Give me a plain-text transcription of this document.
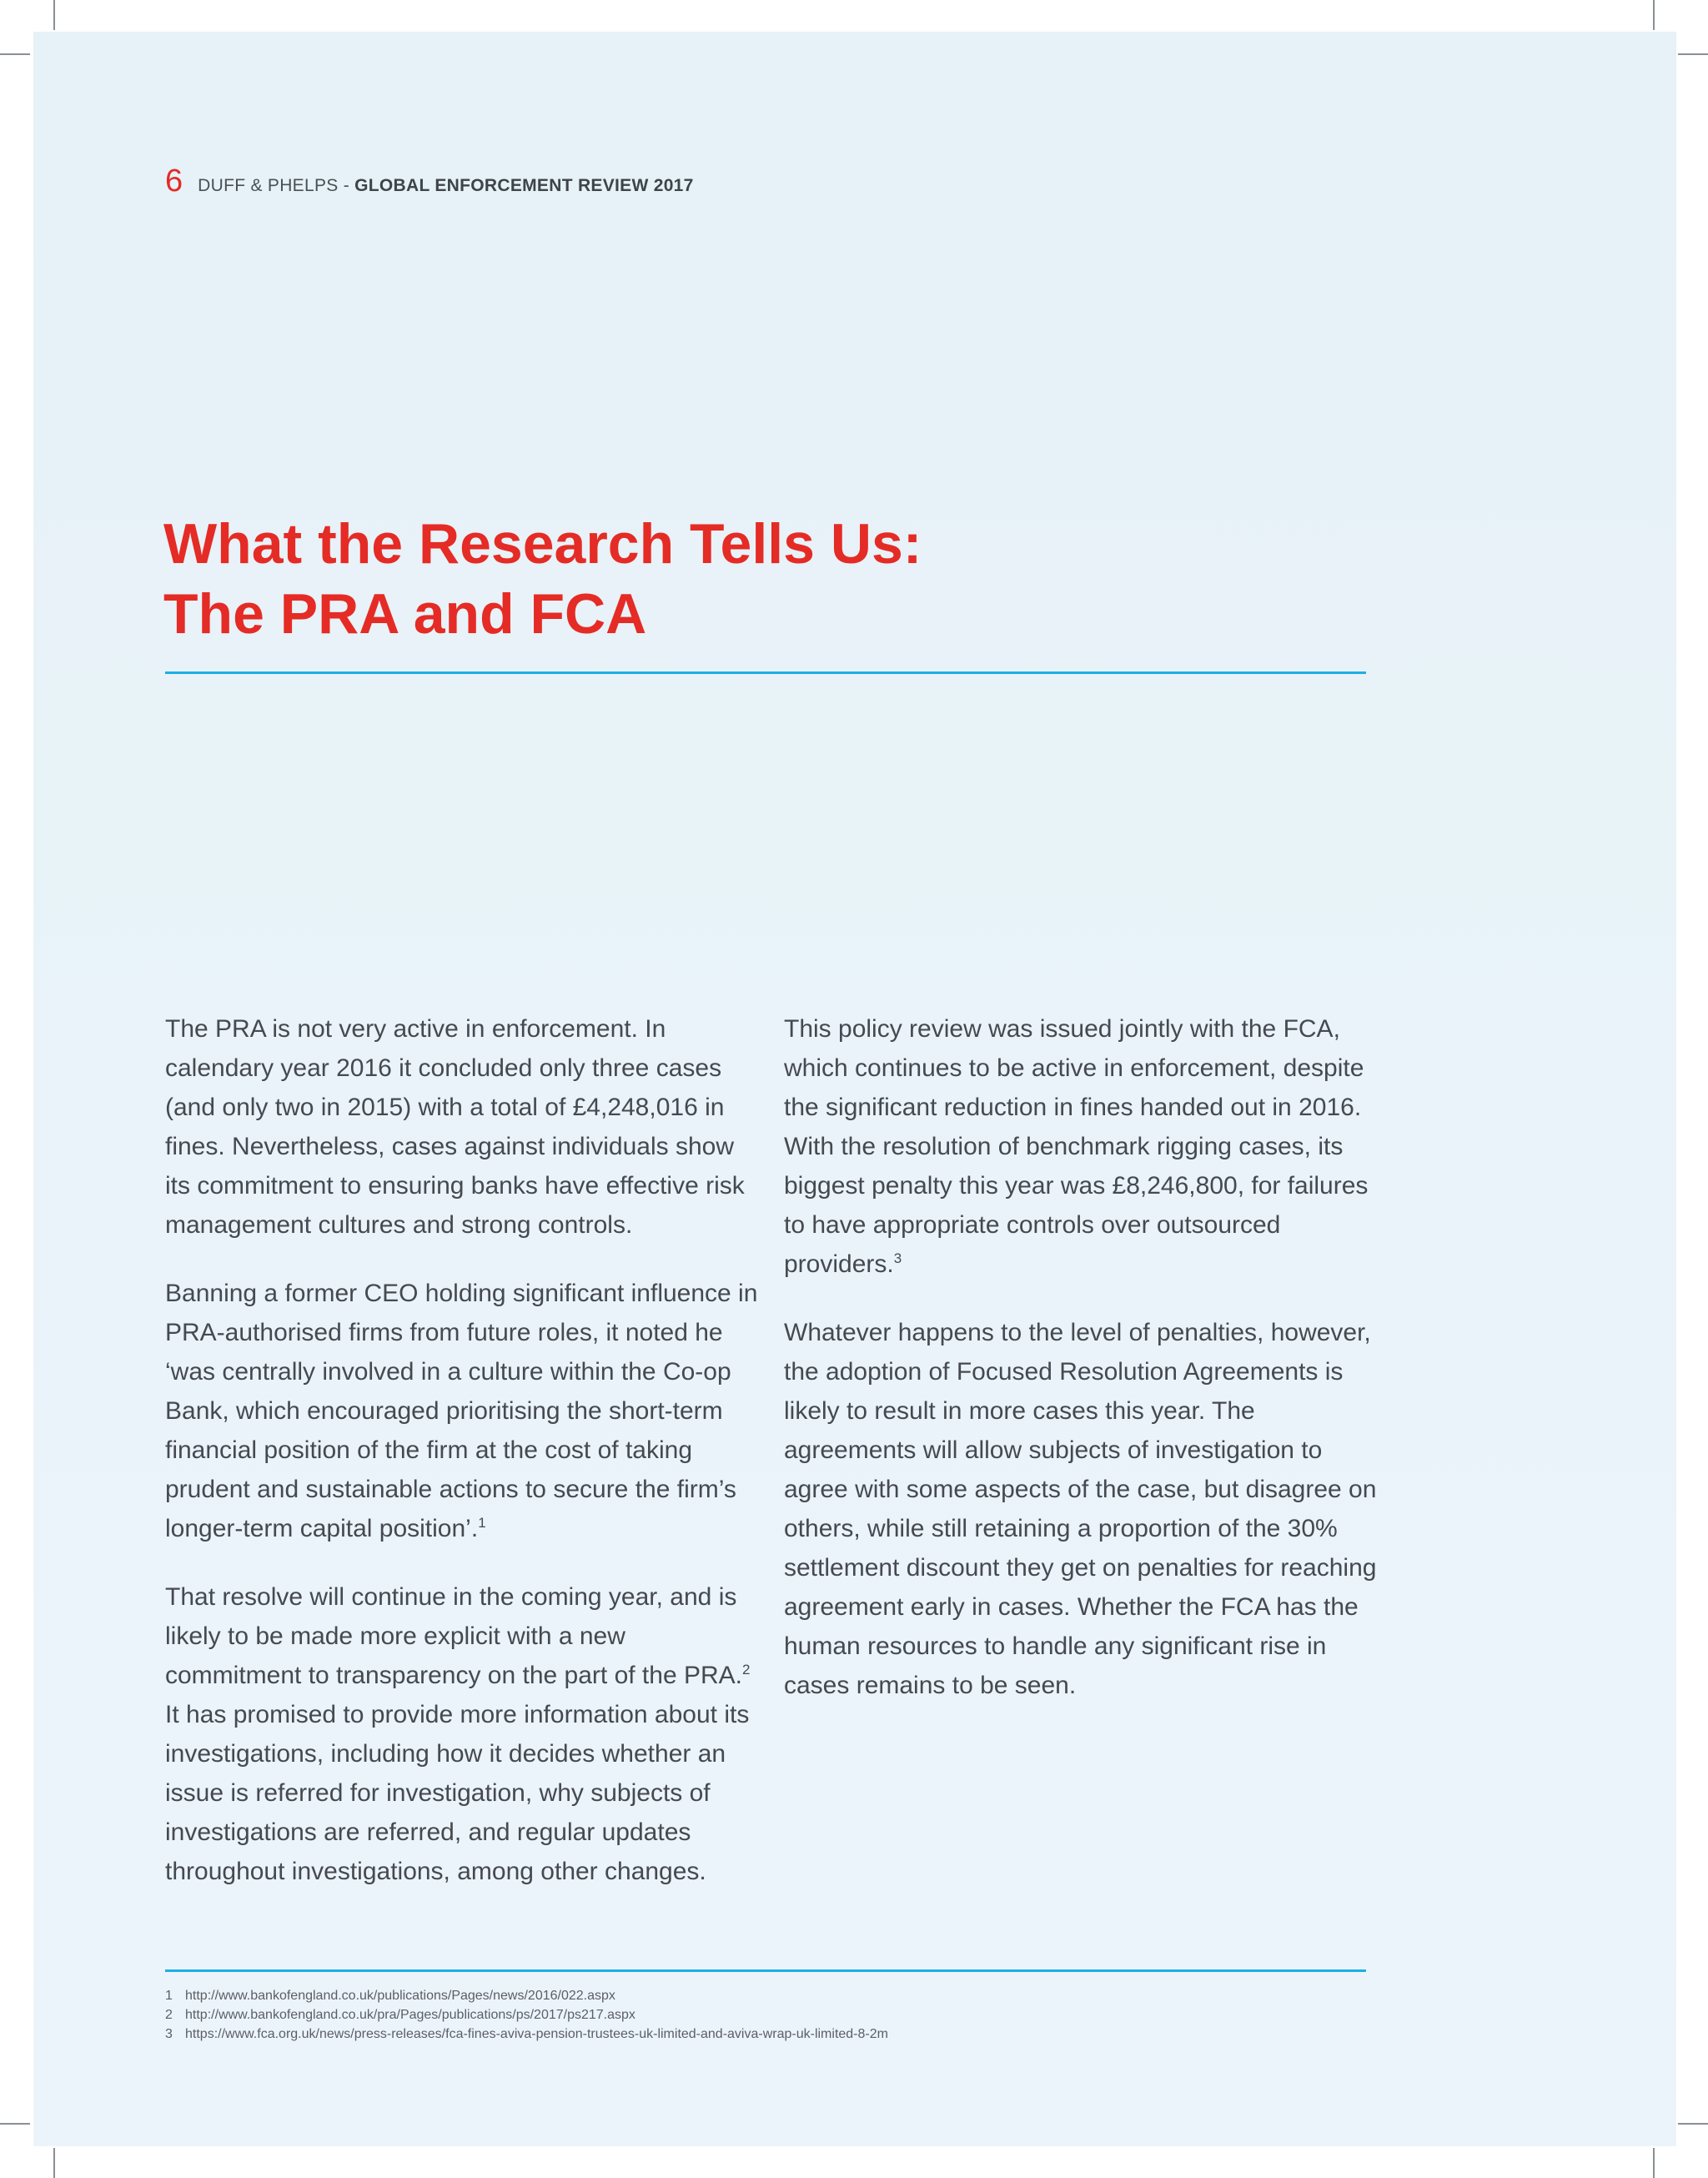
6 DUFF & PHELPS - GLOBAL ENFORCEMENT REVIEW 2017
What the Research Tells Us:
The PRA and FCA

The PRA is not very active in enforcement. In calendary year 2016 it concluded only three cases (and only two in 2015) with a total of £4,248,016 in fines. Nevertheless, cases against individuals show its commitment to ensuring banks have effective risk management cultures and strong controls.

Banning a former CEO holding significant influence in PRA-authorised firms from future roles, it noted he ‘was centrally involved in a culture within the Co-op Bank, which encouraged prioritising the short-term financial position of the firm at the cost of taking prudent and sustainable actions to secure the firm’s longer-term capital position’.$^1$

That resolve will continue in the coming year, and is likely to be made more explicit with a new commitment to transparency on the part of the PRA.$^2$ It has promised to provide more information about its investigations, including how it decides whether an issue is referred for investigation, why subjects of investigations are referred, and regular updates throughout investigations, among other changes.

This policy review was issued jointly with the FCA, which continues to be active in enforcement, despite the significant reduction in fines handed out in 2016. With the resolution of benchmark rigging cases, its biggest penalty this year was £8,246,800, for failures to have appropriate controls over outsourced providers.$^3$

Whatever happens to the level of penalties, however, the adoption of Focused Resolution Agreements is likely to result in more cases this year. The agreements will allow subjects of investigation to agree with some aspects of the case, but disagree on others, while still retaining a proportion of the 30% settlement discount they get on penalties for reaching agreement early in cases. Whether the FCA has the human resources to handle any significant rise in cases remains to be seen.

1 http://www.bankofengland.co.uk/publications/Pages/news/2016/022.aspx
2 http://www.bankofengland.co.uk/pra/Pages/publications/ps/2017/ps217.aspx
3 https://www.fca.org.uk/news/press-releases/fca-fines-aviva-pension-trustees-uk-limited-and-aviva-wrap-uk-limited-8-2m
